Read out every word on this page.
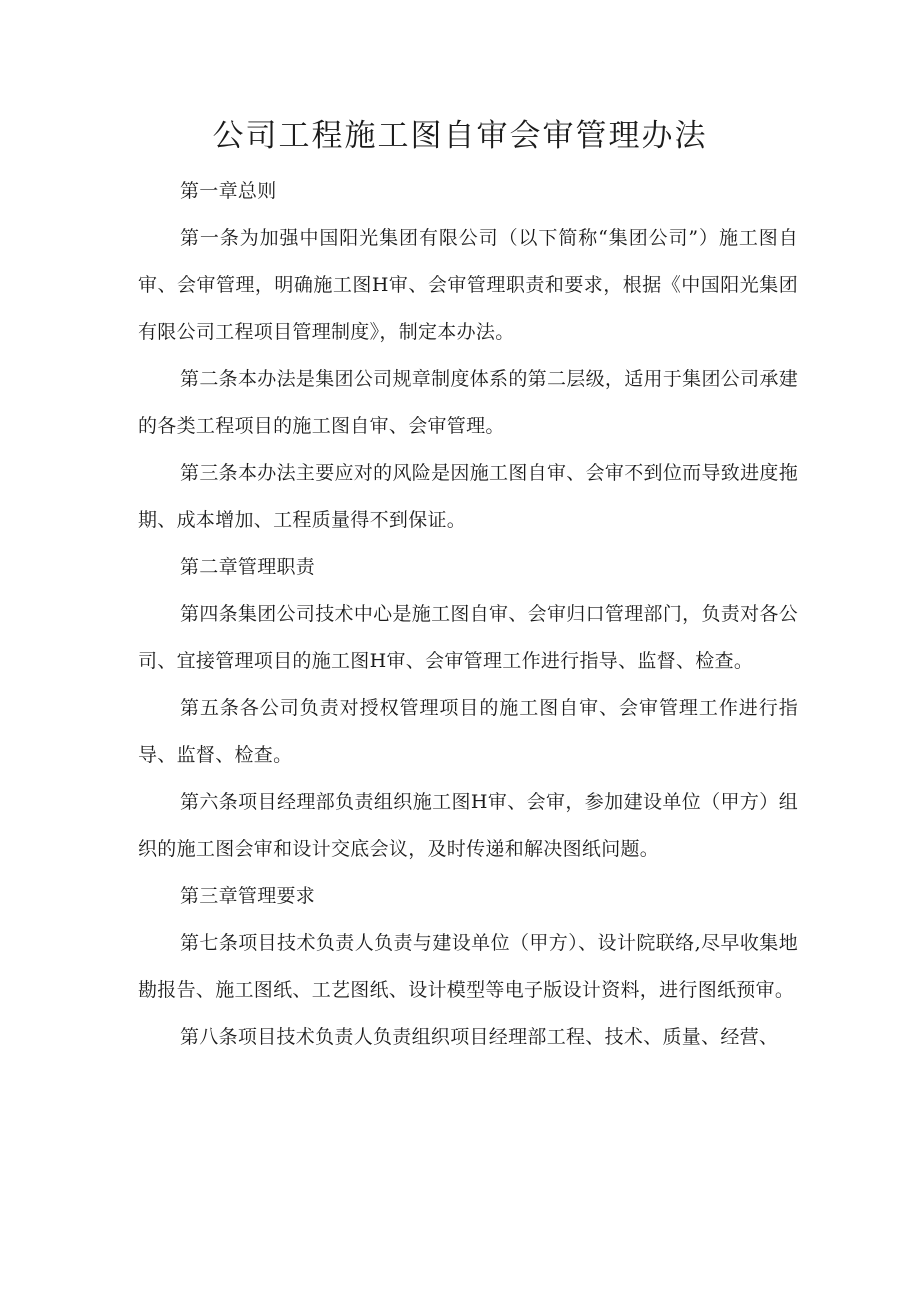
公司工程施工图自审会审管理办法

第一章总则

第一条为加强中国阳光集团有限公司（以下简称“集团公司”）施工图自审、会审管理，明确施工图H审、会审管理职责和要求，根据《中国阳光集团有限公司工程项目管理制度》，制定本办法。

第二条本办法是集团公司规章制度体系的第二层级，适用于集团公司承建的各类工程项目的施工图自审、会审管理。

第三条本办法主要应对的风险是因施工图自审、会审不到位而导致进度拖期、成本增加、工程质量得不到保证。

第二章管理职责

第四条集团公司技术中心是施工图自审、会审归口管理部门，负责对各公司、宜接管理项目的施工图H审、会审管理工作进行指导、监督、检查。

第五条各公司负责对授权管理项目的施工图自审、会审管理工作进行指导、监督、检查。

第六条项目经理部负责组织施工图H审、会审，参加建设单位（甲方）组织的施工图会审和设计交底会议，及时传递和解决图纸问题。

第三章管理要求

第七条项目技术负责人负责与建设单位（甲方）、设计院联络,尽早收集地勘报告、施工图纸、工艺图纸、设计模型等电子版设计资料，进行图纸预审。

第八条项目技术负责人负责组织项目经理部工程、技术、质量、经营、
